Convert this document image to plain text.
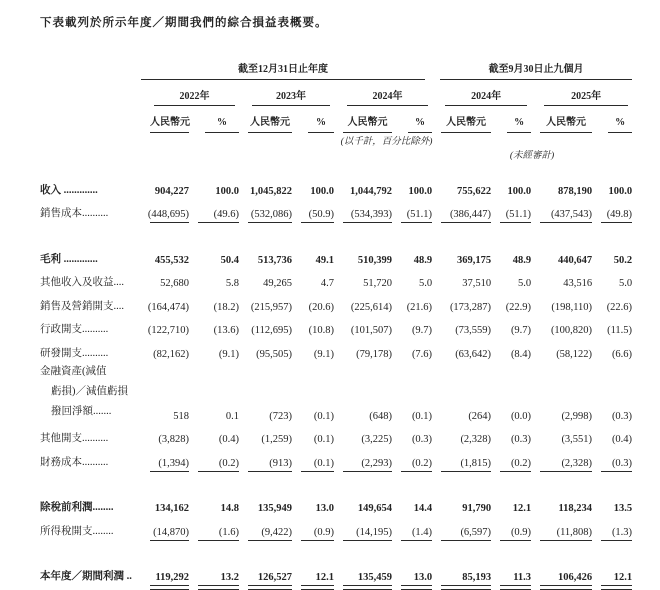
下表載列於所示年度／期間我們的綜合損益表概要。

	截至12月31日止年度						截至9月30日止九個月			

	2022年		2023年		2024年		2024年		2025年	

	人民幣元	%	人民幣元	%	人民幣元	%	人民幣元	%	人民幣元	%

	(以千計，百分比除外)									
							(未經審計)			

收入 .............	904,227	100.0	1,045,822	100.0	1,044,792	100.0	755,622	100.0	878,190	100.0
銷售成本..........	(448,695)	(49.6)	(532,086)	(50.9)	(534,393)	(51.1)	(386,447)	(51.1)	(437,543)	(49.8)

毛利 .............	455,532	50.4	513,736	49.1	510,399	48.9	369,175	48.9	440,647	50.2
其他收入及收益....	52,680	5.8	49,265	4.7	51,720	5.0	37,510	5.0	43,516	5.0
銷售及營銷開支....	(164,474)	(18.2)	(215,957)	(20.6)	(225,614)	(21.6)	(173,287)	(22.9)	(198,110)	(22.6)
行政開支..........	(122,710)	(13.6)	(112,695)	(10.8)	(101,507)	(9.7)	(73,559)	(9.7)	(100,820)	(11.5)
研發開支..........	(82,162)	(9.1)	(95,505)	(9.1)	(79,178)	(7.6)	(63,642)	(8.4)	(58,122)	(6.6)

金融資產(減值
虧損)／減值虧損
撥回淨額.......	518	0.1	(723)	(0.1)	(648)	(0.1)	(264)	(0.0)	(2,998)	(0.3)
其他開支..........	(3,828)	(0.4)	(1,259)	(0.1)	(3,225)	(0.3)	(2,328)	(0.3)	(3,551)	(0.4)
財務成本..........	(1,394)	(0.2)	(913)	(0.1)	(2,293)	(0.2)	(1,815)	(0.2)	(2,328)	(0.3)

除稅前利潤........	134,162	14.8	135,949	13.0	149,654	14.4	91,790	12.1	118,234	13.5
所得稅開支........	(14,870)	(1.6)	(9,422)	(0.9)	(14,195)	(1.4)	(6,597)	(0.9)	(11,808)	(1.3)

本年度／期間利潤 ..	119,292	13.2	126,527	12.1	135,459	13.0	85,193	11.3	106,426	12.1
